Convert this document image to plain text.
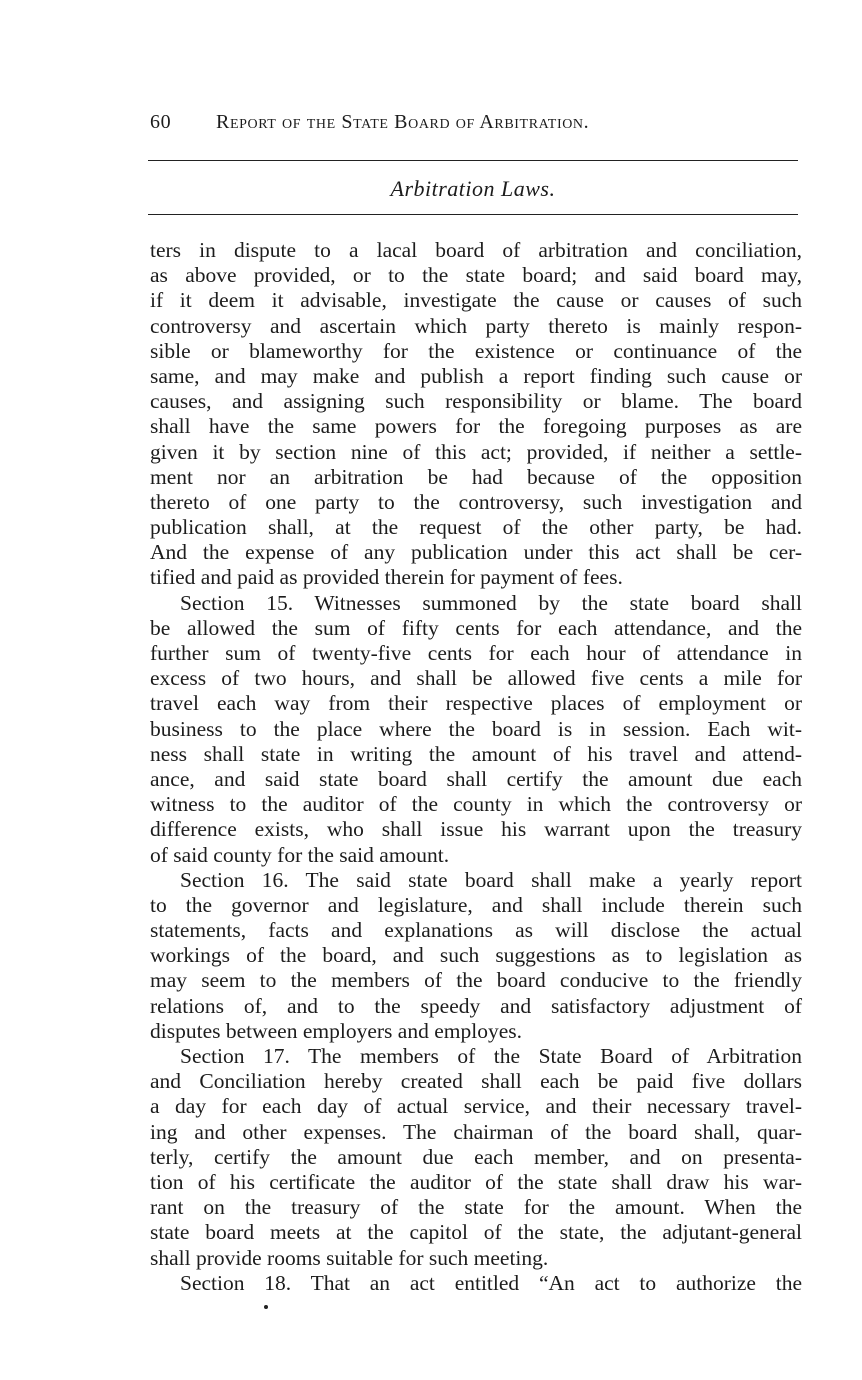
60 Report of the State Board of Arbitration.
Arbitration Laws.
ters in dispute to a lacal board of arbitration and conciliation,
as above provided, or to the state board; and said board may,
if it deem it advisable, investigate the cause or causes of such
controversy and ascertain which party thereto is mainly respon-
sible or blameworthy for the existence or continuance of the
same, and may make and publish a report finding such cause or
causes, and assigning such responsibility or blame. The board
shall have the same powers for the foregoing purposes as are
given it by section nine of this act; provided, if neither a settle-
ment nor an arbitration be had because of the opposition
thereto of one party to the controversy, such investigation and
publication shall, at the request of the other party, be had.
And the expense of any publication under this act shall be cer-
tified and paid as provided therein for payment of fees.
Section 15. Witnesses summoned by the state board shall
be allowed the sum of fifty cents for each attendance, and the
further sum of twenty-five cents for each hour of attendance in
excess of two hours, and shall be allowed five cents a mile for
travel each way from their respective places of employment or
business to the place where the board is in session. Each wit-
ness shall state in writing the amount of his travel and attend-
ance, and said state board shall certify the amount due each
witness to the auditor of the county in which the controversy or
difference exists, who shall issue his warrant upon the treasury
of said county for the said amount.
Section 16. The said state board shall make a yearly report
to the governor and legislature, and shall include therein such
statements, facts and explanations as will disclose the actual
workings of the board, and such suggestions as to legislation as
may seem to the members of the board conducive to the friendly
relations of, and to the speedy and satisfactory adjustment of
disputes between employers and employes.
Section 17. The members of the State Board of Arbitration
and Conciliation hereby created shall each be paid five dollars
a day for each day of actual service, and their necessary travel-
ing and other expenses. The chairman of the board shall, quar-
terly, certify the amount due each member, and on presenta-
tion of his certificate the auditor of the state shall draw his war-
rant on the treasury of the state for the amount. When the
state board meets at the capitol of the state, the adjutant-general
shall provide rooms suitable for such meeting.
Section 18. That an act entitled “An act to authorize the
